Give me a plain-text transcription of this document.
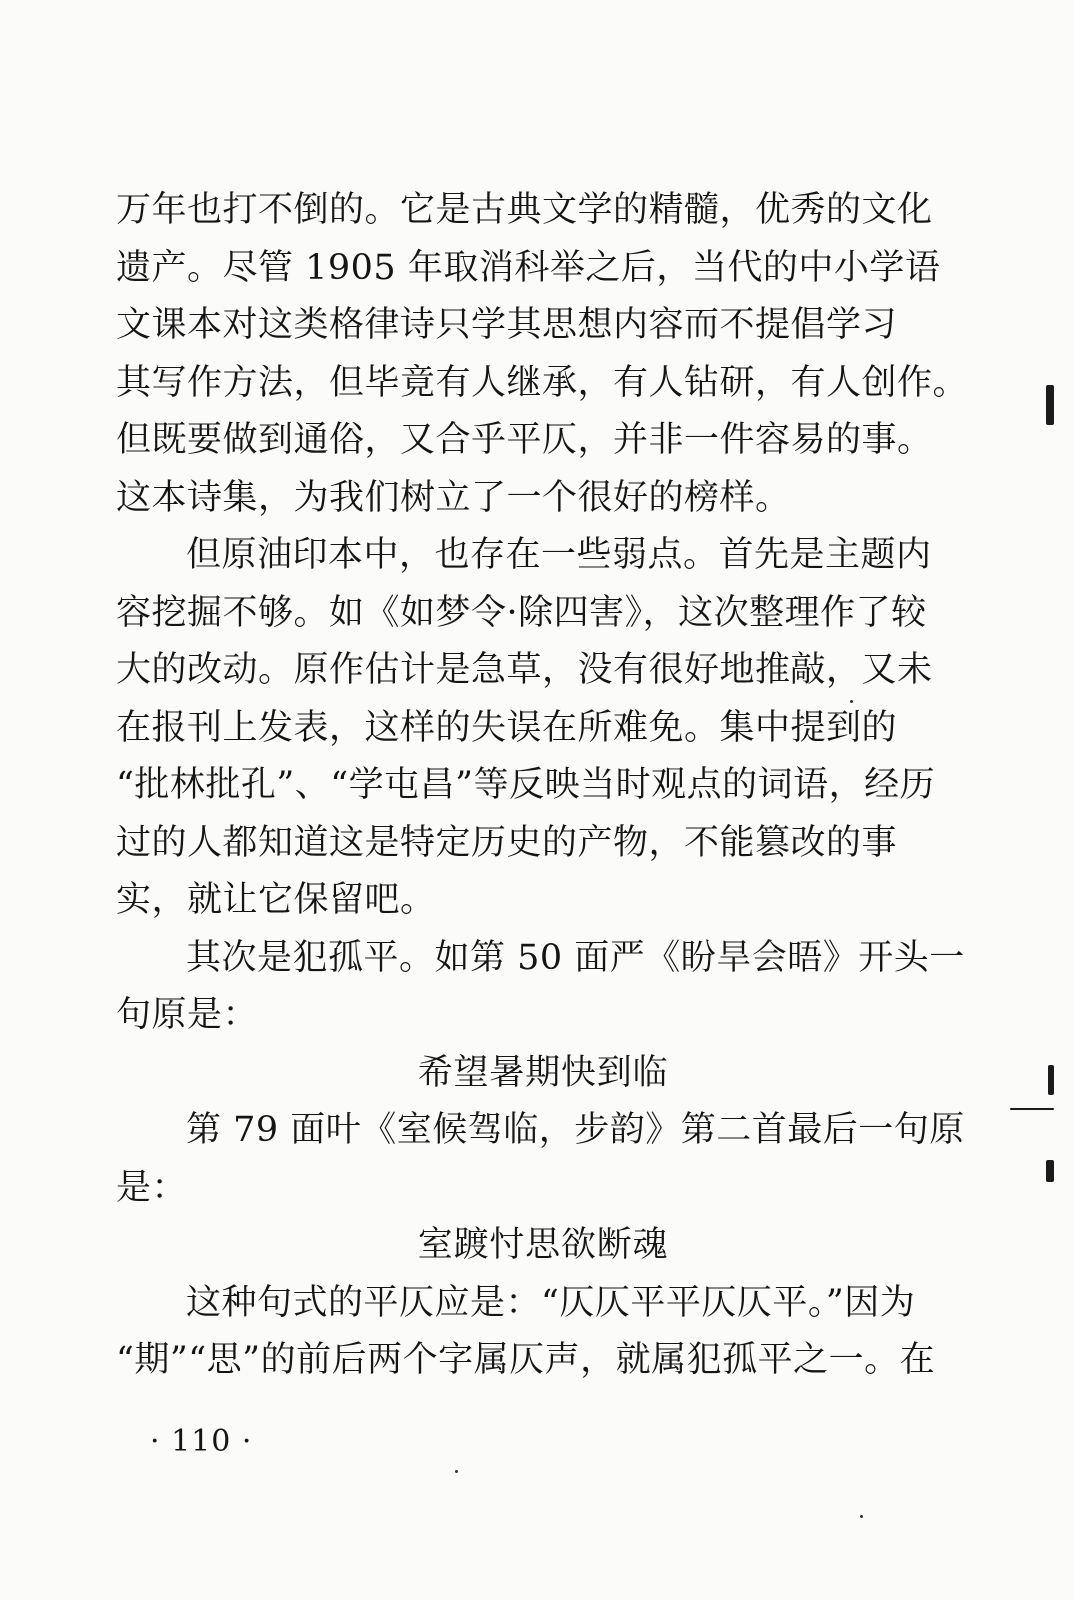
万年也打不倒的。它是古典文学的精髓，优秀的文化
遗产。尽管 1905 年取消科举之后，当代的中小学语
文课本对这类格律诗只学其思想内容而不提倡学习
其写作方法，但毕竟有人继承，有人钻研，有人创作。
但既要做到通俗，又合乎平仄，并非一件容易的事。
这本诗集，为我们树立了一个很好的榜样。
但原油印本中，也存在一些弱点。首先是主题内
容挖掘不够。如《如梦令·除四害》，这次整理作了较
大的改动。原作估计是急草，没有很好地推敲，又未
在报刊上发表，这样的失误在所难免。集中提到的
“批林批孔”、“学屯昌”等反映当时观点的词语，经历
过的人都知道这是特定历史的产物，不能篡改的事
实，就让它保留吧。
其次是犯孤平。如第 50 面严《盼旱会晤》开头一
句原是：
希望暑期快到临
第 79 面叶《室候驾临，步韵》第二首最后一句原
是：
室踱忖思欲断魂
这种句式的平仄应是：“仄仄平平仄仄平。”因为
“期”“思”的前后两个字属仄声，就属犯孤平之一。在
· 110 ·
